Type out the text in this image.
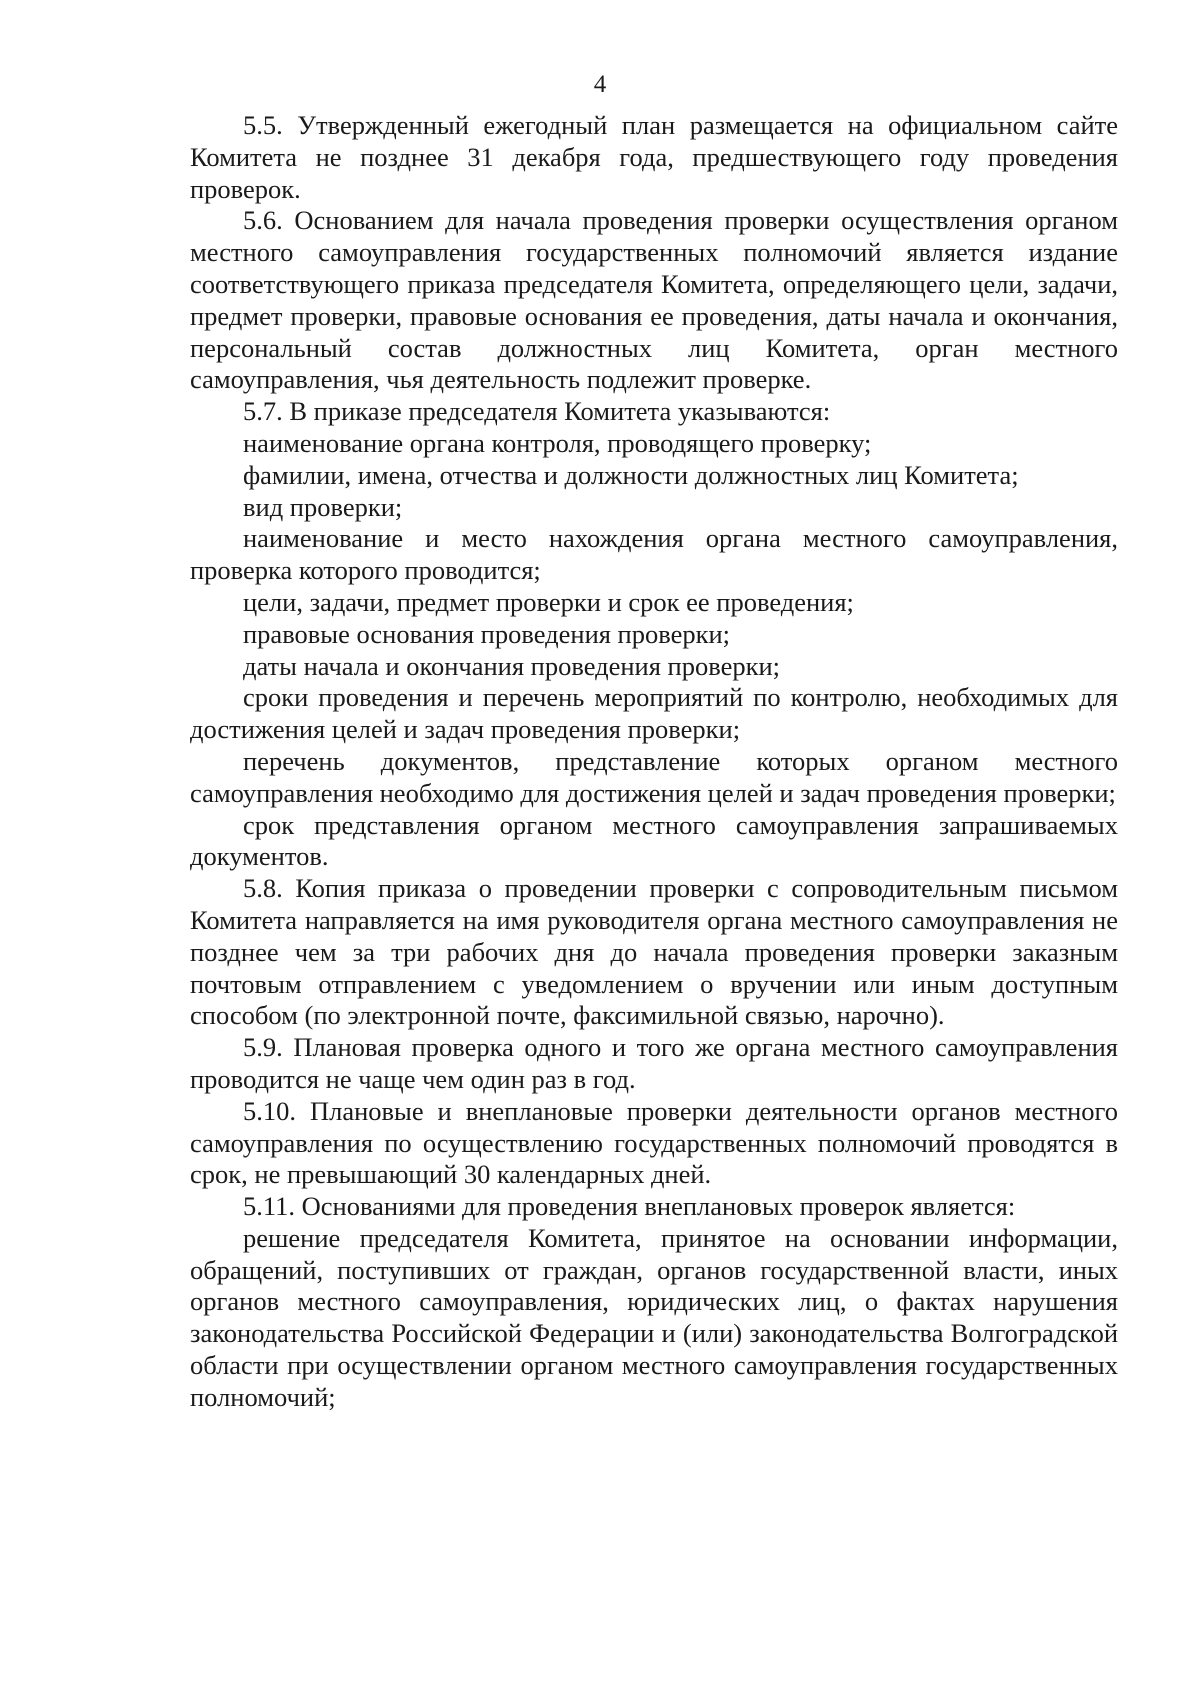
4

5.5. Утвержденный ежегодный план размещается на официальном сайте Комитета не позднее 31 декабря года, предшествующего году проведения проверок.

5.6. Основанием для начала проведения проверки осуществления органом местного самоуправления государственных полномочий является издание соответствующего приказа председателя Комитета, определяющего цели, задачи, предмет проверки, правовые основания ее проведения, даты начала и окончания, персональный состав должностных лиц Комитета, орган местного самоуправления, чья деятельность подлежит проверке.

5.7. В приказе председателя Комитета указываются:

наименование органа контроля, проводящего проверку;

фамилии, имена, отчества и должности должностных лиц Комитета;

вид проверки;

наименование и место нахождения органа местного самоуправления, проверка которого проводится;

цели, задачи, предмет проверки и срок ее проведения;

правовые основания проведения проверки;

даты начала и окончания проведения проверки;

сроки проведения и перечень мероприятий по контролю, необходимых для достижения целей и задач проведения проверки;

перечень документов, представление которых органом местного самоуправления необходимо для достижения целей и задач проведения проверки;

срок представления органом местного самоуправления запрашиваемых документов.

5.8. Копия приказа о проведении проверки с сопроводительным письмом Комитета направляется на имя руководителя органа местного самоуправления не позднее чем за три рабочих дня до начала проведения проверки заказным почтовым отправлением с уведомлением о вручении или иным доступным способом (по электронной почте, факсимильной связью, нарочно).

5.9. Плановая проверка одного и того же органа местного самоуправления проводится не чаще чем один раз в год.

5.10. Плановые и внеплановые проверки деятельности органов местного самоуправления по осуществлению государственных полномочий проводятся в срок, не превышающий 30 календарных дней.

5.11. Основаниями для проведения внеплановых проверок является:

решение председателя Комитета, принятое на основании информации, обращений, поступивших от граждан, органов государственной власти, иных органов местного самоуправления, юридических лиц, о фактах нарушения законодательства Российской Федерации и (или) законодательства Волгоградской области при осуществлении органом местного самоуправления государственных полномочий;
